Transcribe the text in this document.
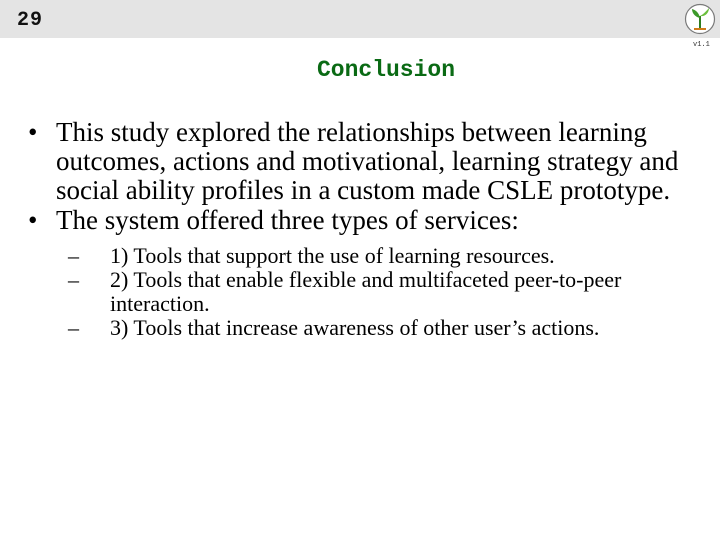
29
v1.1
Conclusion
• This study explored the relationships between learning outcomes, actions and motivational, learning strategy and social ability profiles in a custom made CSLE prototype.
• The system offered three types of services:
– 1) Tools that support the use of learning resources.
– 2) Tools that enable flexible and multifaceted peer-to-peer interaction.
– 3) Tools that increase awareness of other user’s actions.
